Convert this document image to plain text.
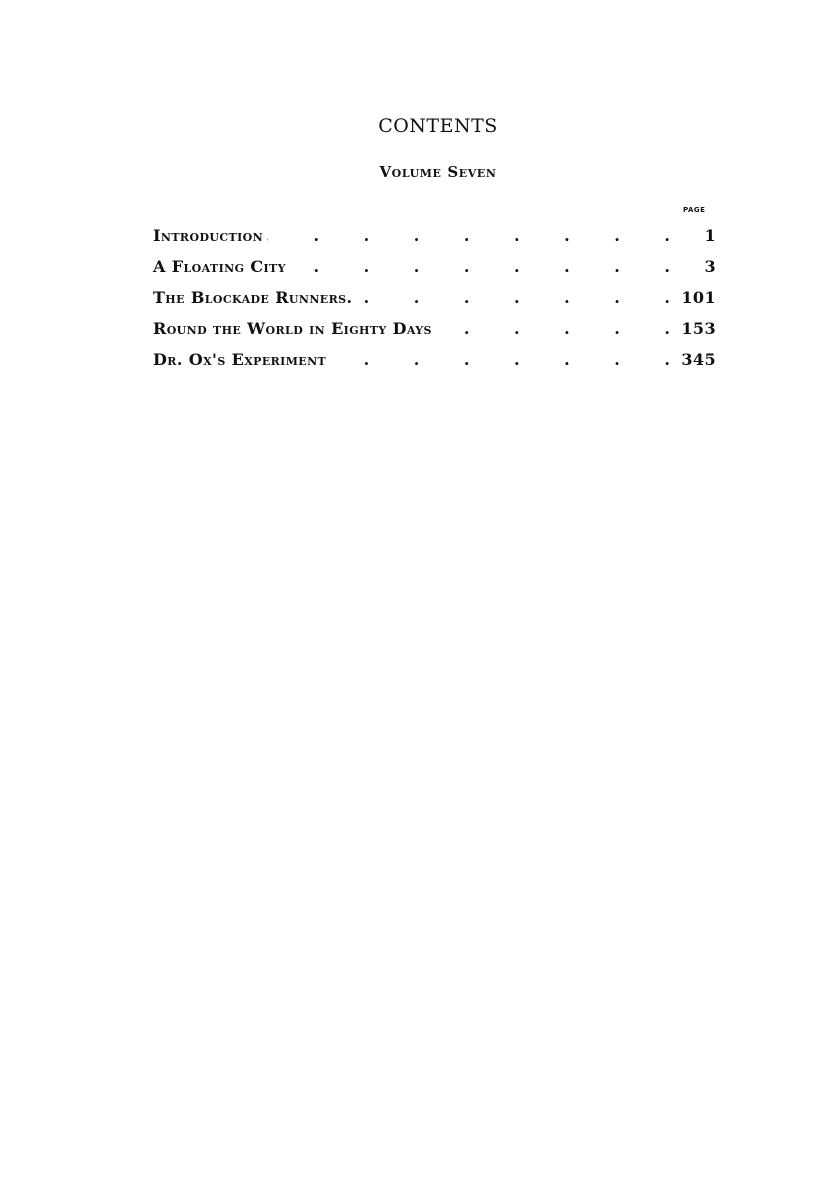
CONTENTS
Volume Seven
PAGE
Introduction . . .	1
A Floating City . . .	3
The Blockade Runners. . . .	101
Round the World in Eighty Days . . .	153
Dr. Ox's Experiment . . .	345
